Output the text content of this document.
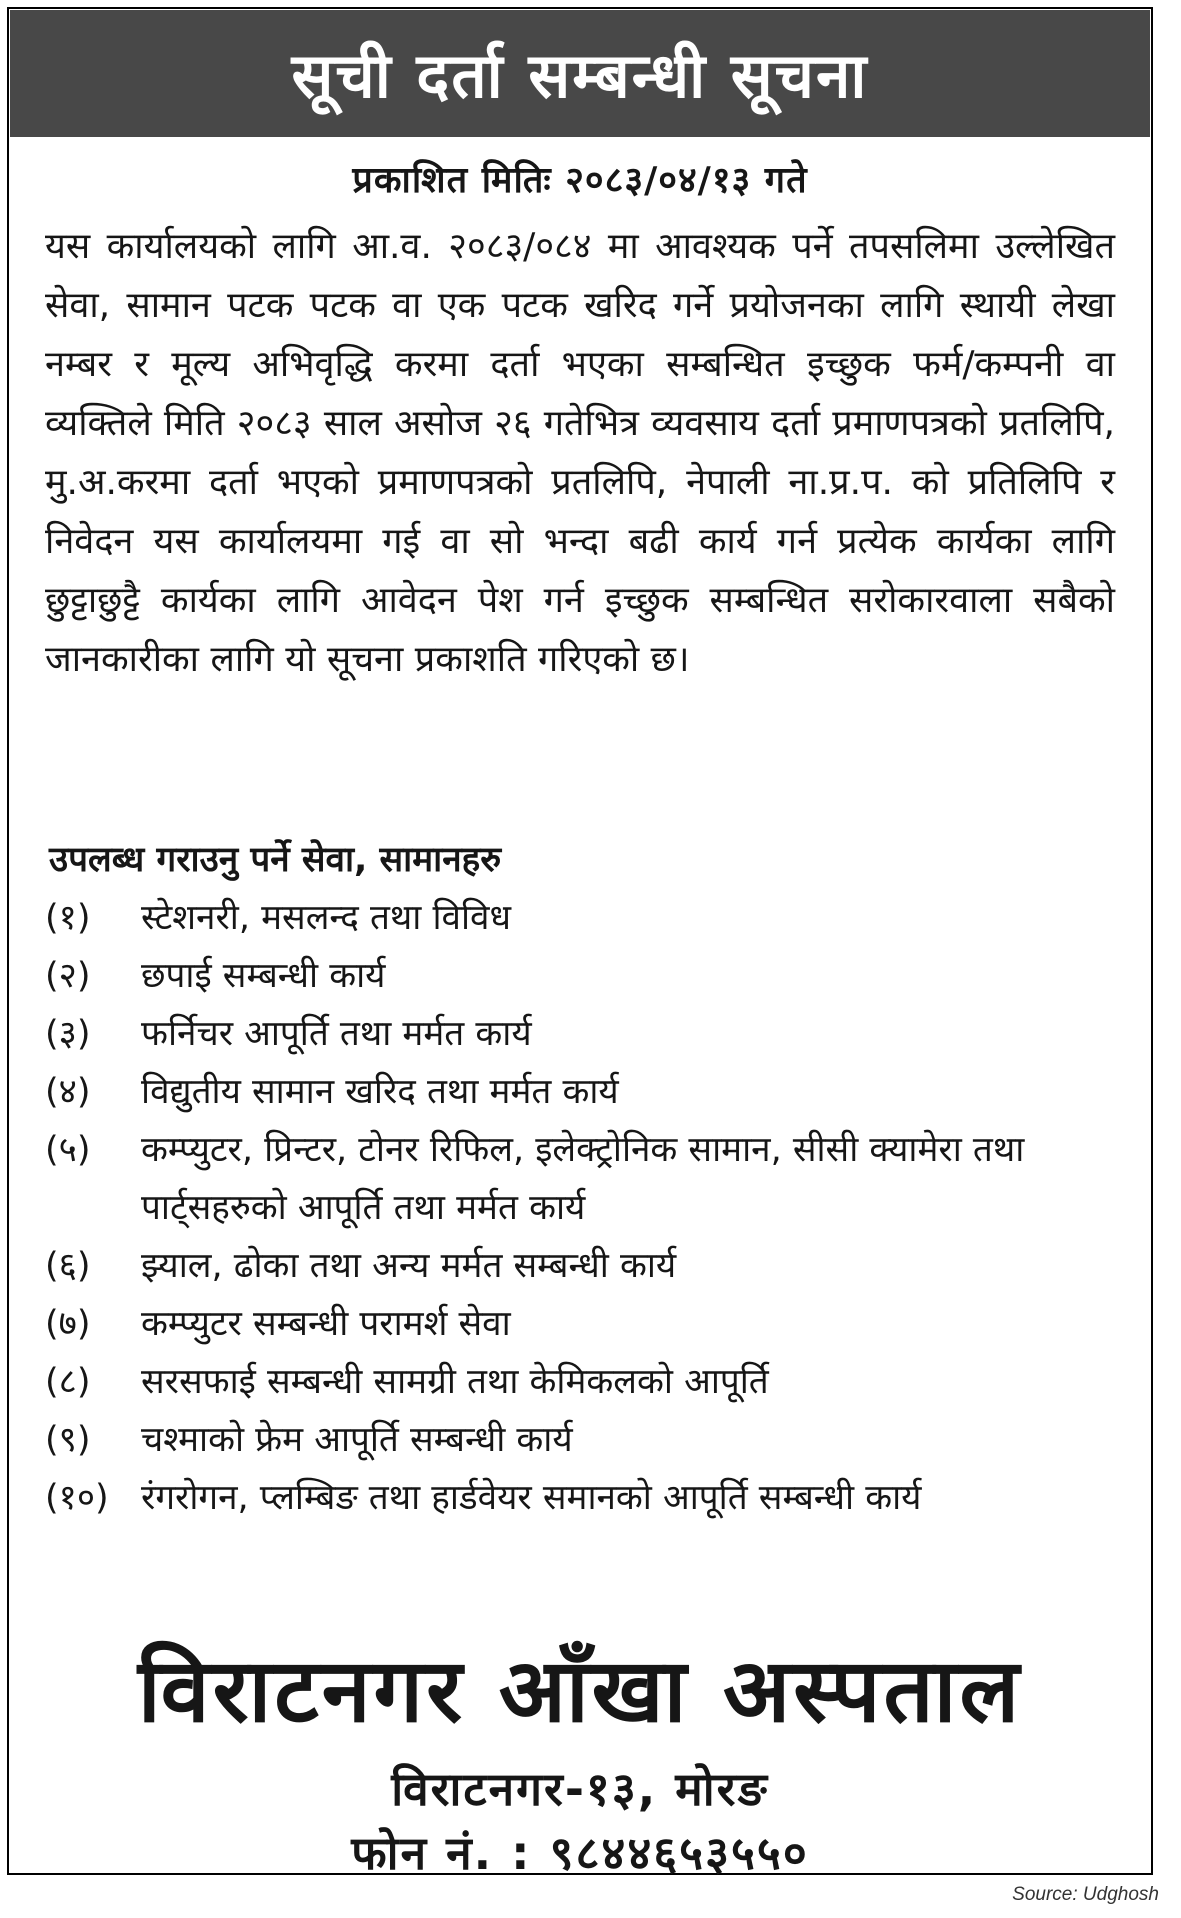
सूची दर्ता सम्बन्धी सूचना
प्रकाशित मितिः २०८३/०४/१३ गते
यस कार्यालयको लागि आ.व. २०८३/०८४ मा आवश्यक पर्ने तपसलिमा उल्लेखित सेवा, सामान पटक पटक वा एक पटक खरिद गर्ने प्रयोजनका लागि स्थायी लेखा नम्बर र मूल्य अभिवृद्धि करमा दर्ता भएका सम्बन्धित इच्छुक फर्म/कम्पनी वा व्यक्तिले मिति २०८३ साल असोज २६ गतेभित्र व्यवसाय दर्ता प्रमाणपत्रको प्रतलिपि, मु.अ.करमा दर्ता भएको प्रमाणपत्रको प्रतलिपि, नेपाली ना.प्र.प. को प्रतिलिपि र निवेदन यस कार्यालयमा गई वा सो भन्दा बढी कार्य गर्न प्रत्येक कार्यका लागि छुट्टाछुट्टै कार्यका लागि आवेदन पेश गर्न इच्छुक सम्बन्धित सरोकारवाला सबैको जानकारीका लागि यो सूचना प्रकाशति गरिएको छ।
उपलब्ध गराउनु पर्ने सेवा, सामानहरु
(१)	स्टेशनरी, मसलन्द तथा विविध
(२)	छपाई सम्बन्धी कार्य
(३)	फर्निचर आपूर्ति तथा मर्मत कार्य
(४)	विद्युतीय सामान खरिद तथा मर्मत कार्य
(५)	कम्प्युटर, प्रिन्टर, टोनर रिफिल, इलेक्ट्रोनिक सामान, सीसी क्यामेरा तथा पार्ट्सहरुको आपूर्ति तथा मर्मत कार्य
(६)	झ्याल, ढोका तथा अन्य मर्मत सम्बन्धी कार्य
(७)	कम्प्युटर सम्बन्धी परामर्श सेवा
(८)	सरसफाई सम्बन्धी सामग्री तथा केमिकलको आपूर्ति
(९)	चश्माको फ्रेम आपूर्ति सम्बन्धी कार्य
(१०) रंगरोगन, प्लम्बिङ तथा हार्डवेयर समानको आपूर्ति सम्बन्धी कार्य
विराटनगर आँखा अस्पताल
विराटनगर-१३, मोरङ
फोन नं. : ९८४४६५३५५०
Source: Udghosh
